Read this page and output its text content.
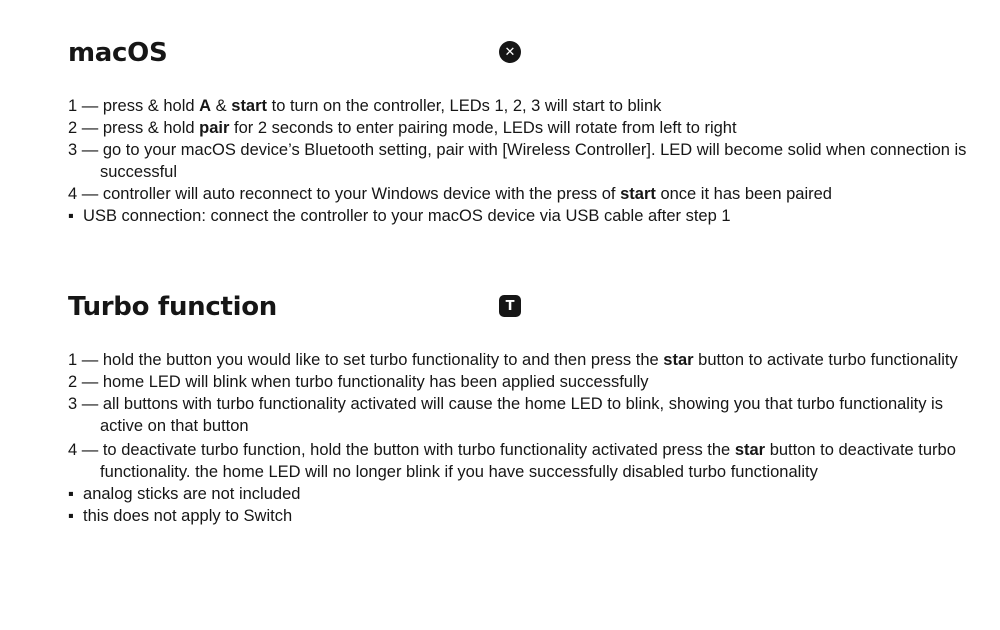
macOS	✕
1 — press & hold A & start to turn on the controller, LEDs 1, 2, 3 will start to blink
2 — press & hold pair for 2 seconds to enter pairing mode, LEDs will rotate from left to right
3 — go to your macOS device’s Bluetooth setting, pair with [Wireless Controller]. LED will become solid when connection is successful
4 — controller will auto reconnect to your Windows device with the press of start once it has been paired
▪ USB connection: connect the controller to your macOS device via USB cable after step 1
Turbo function	T
1 — hold the button you would like to set turbo functionality to and then press the star button to activate turbo functionality
2 — home LED will blink when turbo functionality has been applied successfully
3 — all buttons with turbo functionality activated will cause the home LED to blink, showing you that turbo functionality is active on that button
4 — to deactivate turbo function, hold the button with turbo functionality activated press the star button to deactivate turbo functionality. the home LED will no longer blink if you have successfully disabled turbo functionality
▪ analog sticks are not included
▪ this does not apply to Switch
